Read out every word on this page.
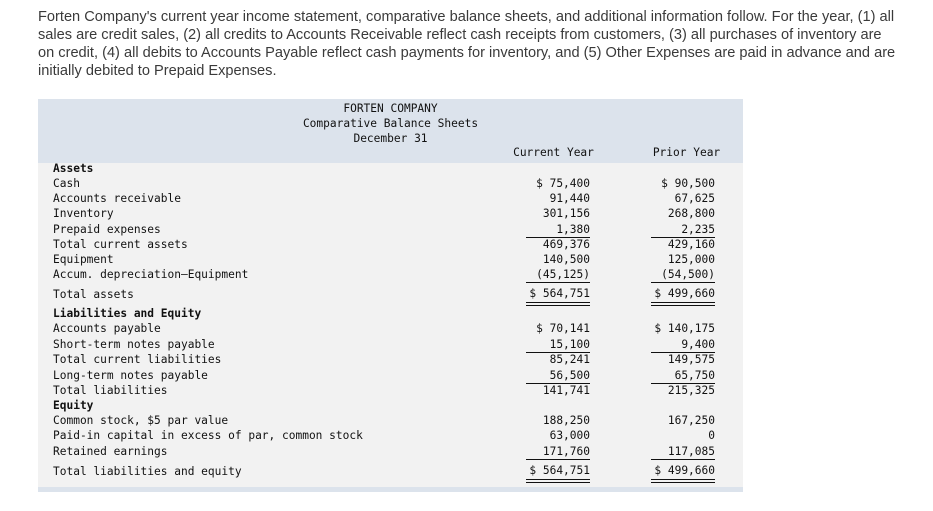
Forten Company's current year income statement, comparative balance sheets, and additional information follow. For the year, (1) all sales are credit sales, (2) all credits to Accounts Receivable reflect cash receipts from customers, (3) all purchases of inventory are on credit, (4) all debits to Accounts Payable reflect cash payments for inventory, and (5) Other Expenses are paid in advance and are initially debited to Prepaid Expenses.

FORTEN COMPANY
Comparative Balance Sheets
December 31
Current Year	Prior Year
Assets
Cash	$ 75,400	$ 90,500
Accounts receivable	91,440	67,625
Inventory	301,156	268,800
Prepaid expenses	1,380	2,235
Total current assets	469,376	429,160
Equipment	140,500	125,000
Accum. depreciation—Equipment	(45,125)	(54,500)
Total assets	$ 564,751	$ 499,660
Liabilities and Equity
Accounts payable	$ 70,141	$ 140,175
Short-term notes payable	15,100	9,400
Total current liabilities	85,241	149,575
Long-term notes payable	56,500	65,750
Total liabilities	141,741	215,325
Equity
Common stock, $5 par value	188,250	167,250
Paid-in capital in excess of par, common stock	63,000	0
Retained earnings	171,760	117,085
Total liabilities and equity	$ 564,751	$ 499,660
